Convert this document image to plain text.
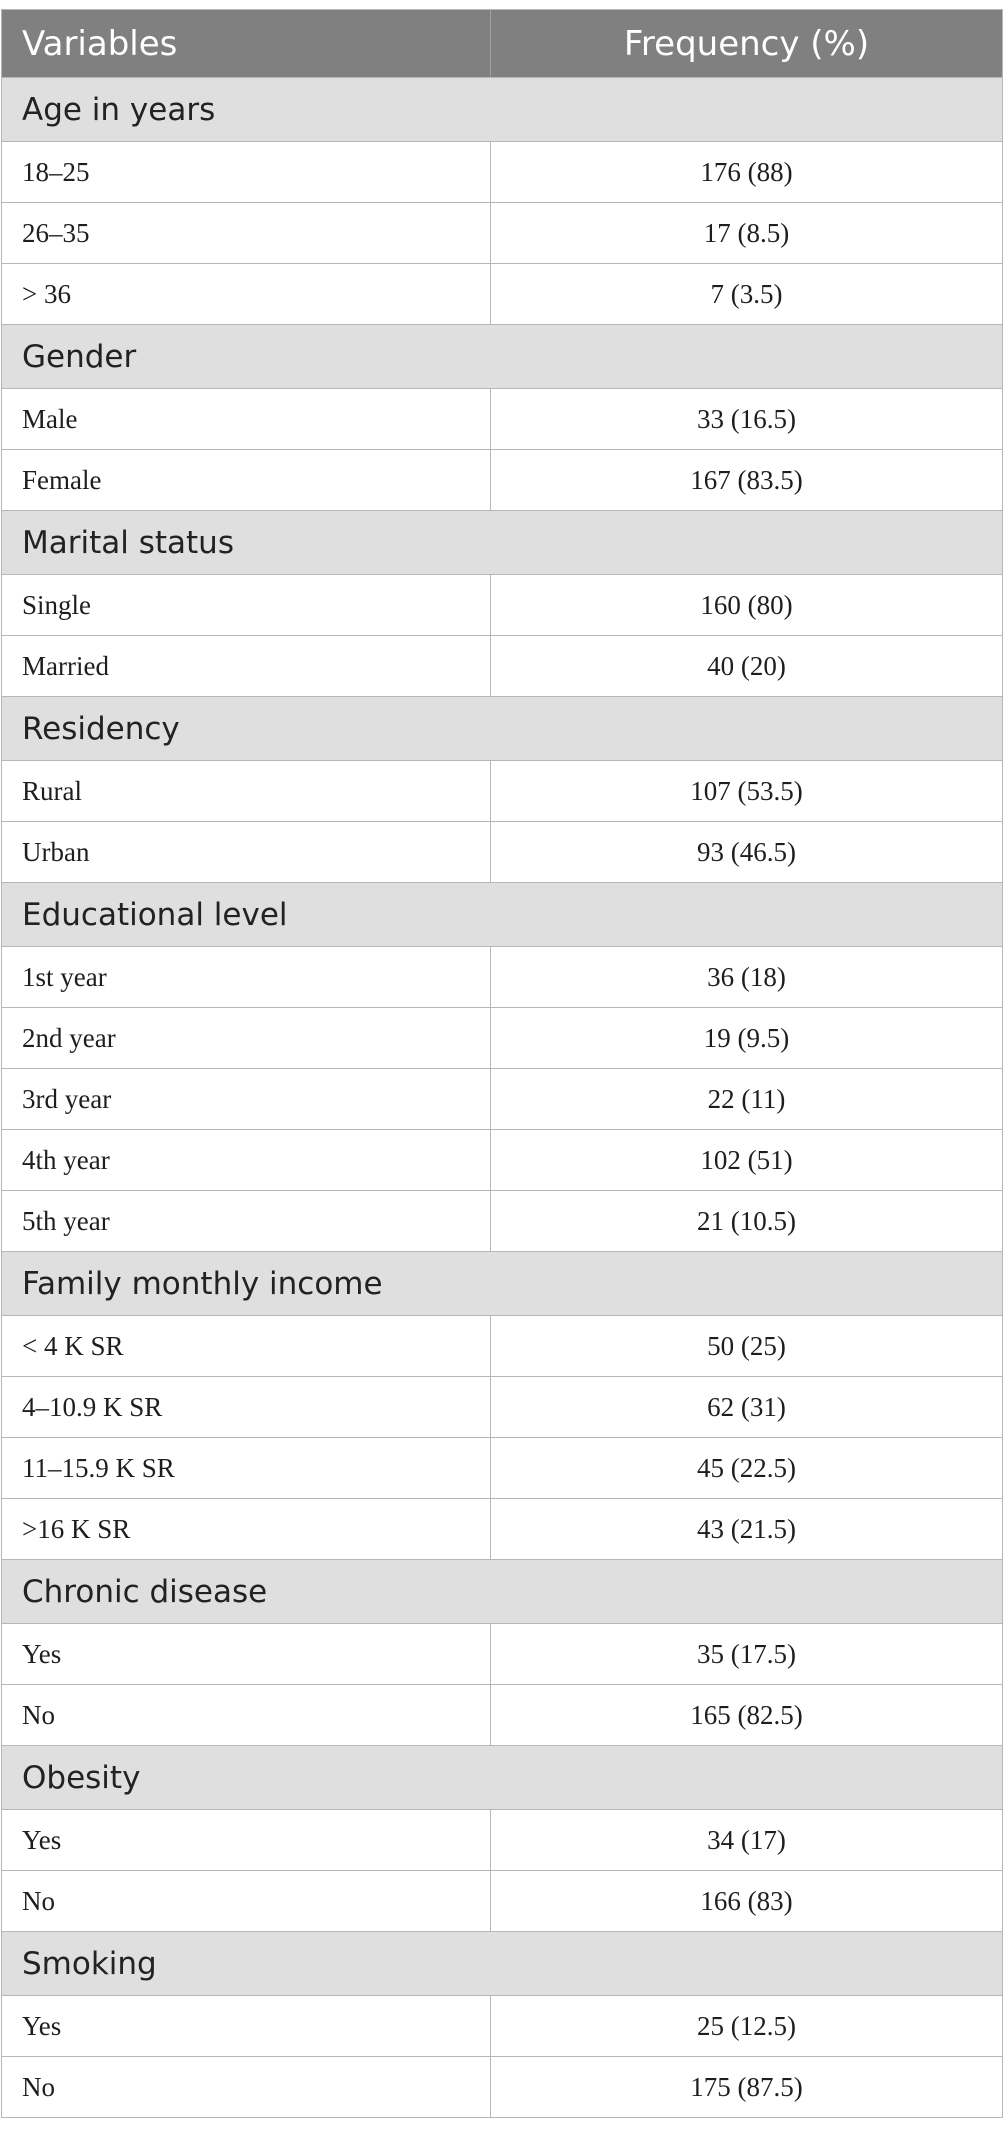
Variables	Frequency (%)
Age in years
18–25	176 (88)
26–35	17 (8.5)
> 36	7 (3.5)
Gender
Male	33 (16.5)
Female	167 (83.5)
Marital status
Single	160 (80)
Married	40 (20)
Residency
Rural	107 (53.5)
Urban	93 (46.5)
Educational level
1st year	36 (18)
2nd year	19 (9.5)
3rd year	22 (11)
4th year	102 (51)
5th year	21 (10.5)
Family monthly income
< 4 K SR	50 (25)
4–10.9 K SR	62 (31)
11–15.9 K SR	45 (22.5)
>16 K SR	43 (21.5)
Chronic disease
Yes	35 (17.5)
No	165 (82.5)
Obesity
Yes	34 (17)
No	166 (83)
Smoking
Yes	25 (12.5)
No	175 (87.5)
